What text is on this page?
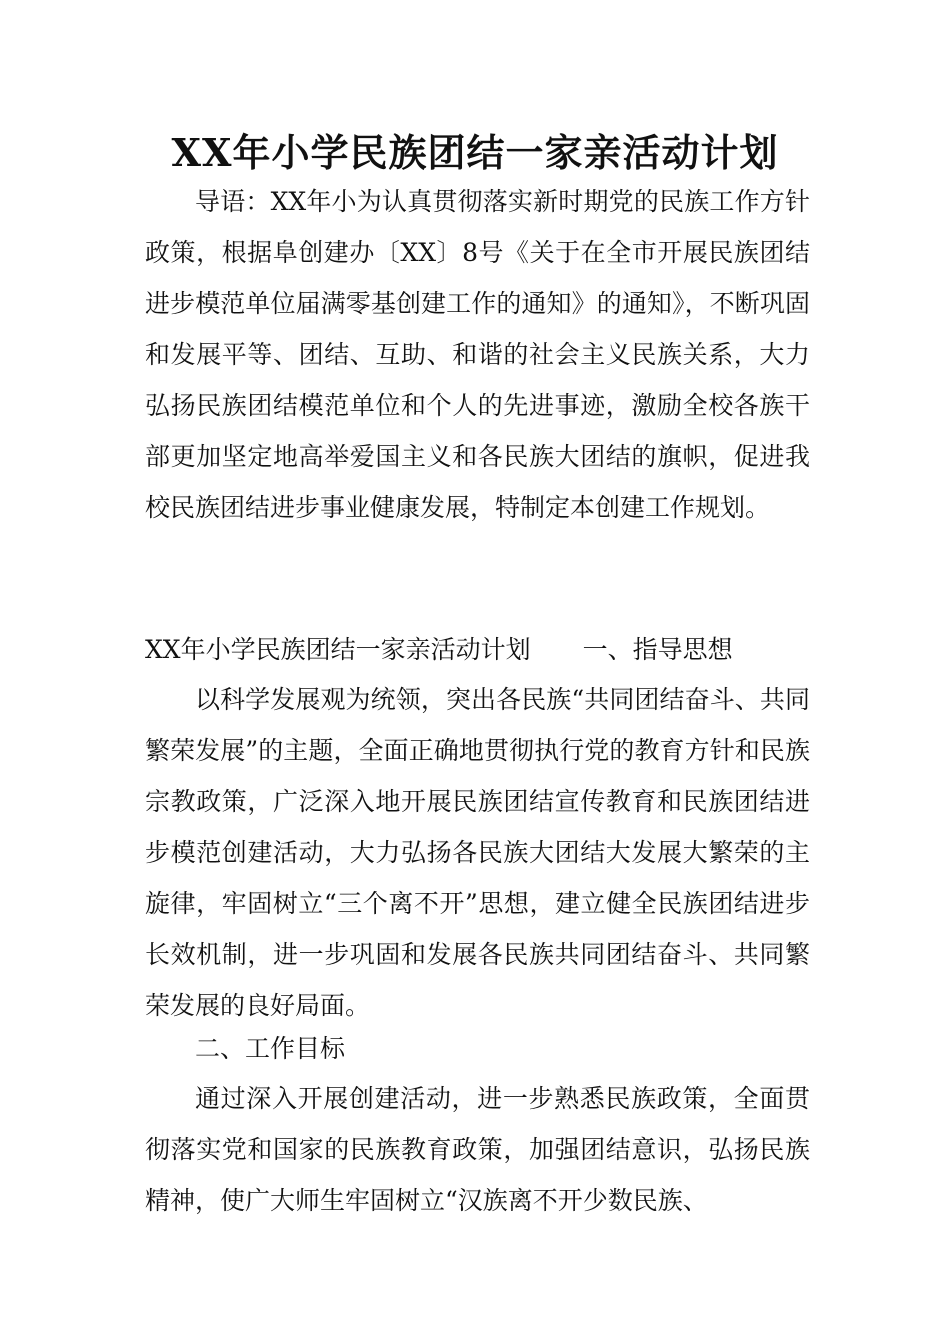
XX年小学民族团结一家亲活动计划

导语：XX年小为认真贯彻落实新时期党的民族工作方针政策，根据阜创建办〔XX〕8号《关于在全市开展民族团结进步模范单位届满零基创建工作的通知》的通知》，不断巩固和发展平等、团结、互助、和谐的社会主义民族关系，大力弘扬民族团结模范单位和个人的先进事迹，激励全校各族干部更加坚定地高举爱国主义和各民族大团结的旗帜，促进我校民族团结进步事业健康发展，特制定本创建工作规划。

XX年小学民族团结一家亲活动计划 一、指导思想

以科学发展观为统领，突出各民族“共同团结奋斗、共同繁荣发展”的主题，全面正确地贯彻执行党的教育方针和民族宗教政策，广泛深入地开展民族团结宣传教育和民族团结进步模范创建活动，大力弘扬各民族大团结大发展大繁荣的主旋律，牢固树立“三个离不开”思想，建立健全民族团结进步长效机制，进一步巩固和发展各民族共同团结奋斗、共同繁荣发展的良好局面。

二、工作目标

通过深入开展创建活动，进一步熟悉民族政策，全面贯彻落实党和国家的民族教育政策，加强团结意识，弘扬民族精神，使广大师生牢固树立“汉族离不开少数民族、
